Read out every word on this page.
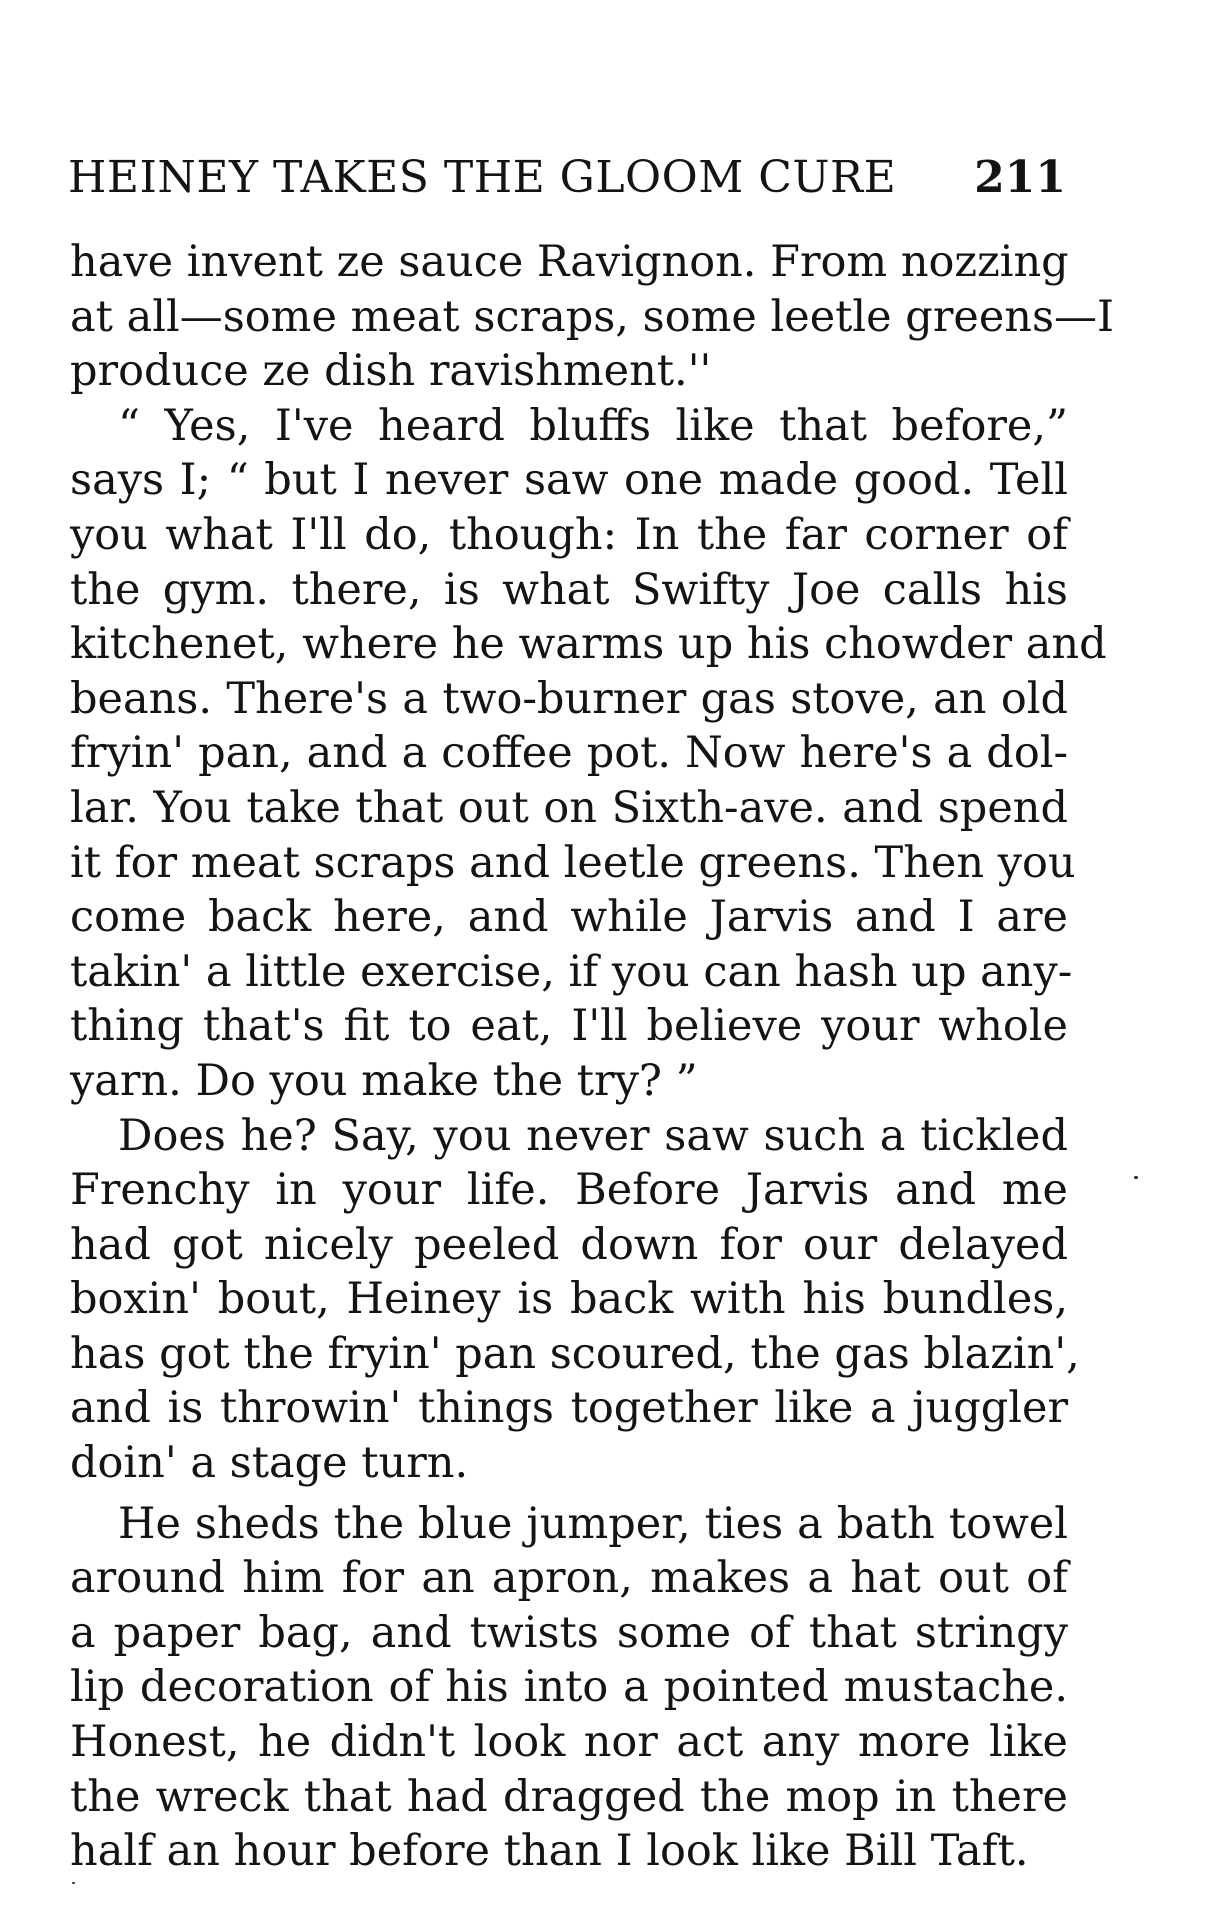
HEINEY TAKES THE GLOOM CURE 211
have invent ze sauce Ravignon. From nozzing
at all—some meat scraps, some leetle greens—I
produce ze dish ravishment.''
“ Yes, I've heard bluffs like that before,”
says I; “ but I never saw one made good. Tell
you what I'll do, though: In the far corner of
the gym. there, is what Swifty Joe calls his
kitchenet, where he warms up his chowder and
beans. There's a two-burner gas stove, an old
fryin' pan, and a coffee pot. Now here's a dol-
lar. You take that out on Sixth-ave. and spend
it for meat scraps and leetle greens. Then you
come back here, and while Jarvis and I are
takin' a little exercise, if you can hash up any-
thing that's fit to eat, I'll believe your whole
yarn. Do you make the try? ”
Does he? Say, you never saw such a tickled
Frenchy in your life. Before Jarvis and me
had got nicely peeled down for our delayed
boxin' bout, Heiney is back with his bundles,
has got the fryin' pan scoured, the gas blazin',
and is throwin' things together like a juggler
doin' a stage turn.
He sheds the blue jumper, ties a bath towel
around him for an apron, makes a hat out of
a paper bag, and twists some of that stringy
lip decoration of his into a pointed mustache.
Honest, he didn't look nor act any more like
the wreck that had dragged the mop in there
half an hour before than I look like Bill Taft.
